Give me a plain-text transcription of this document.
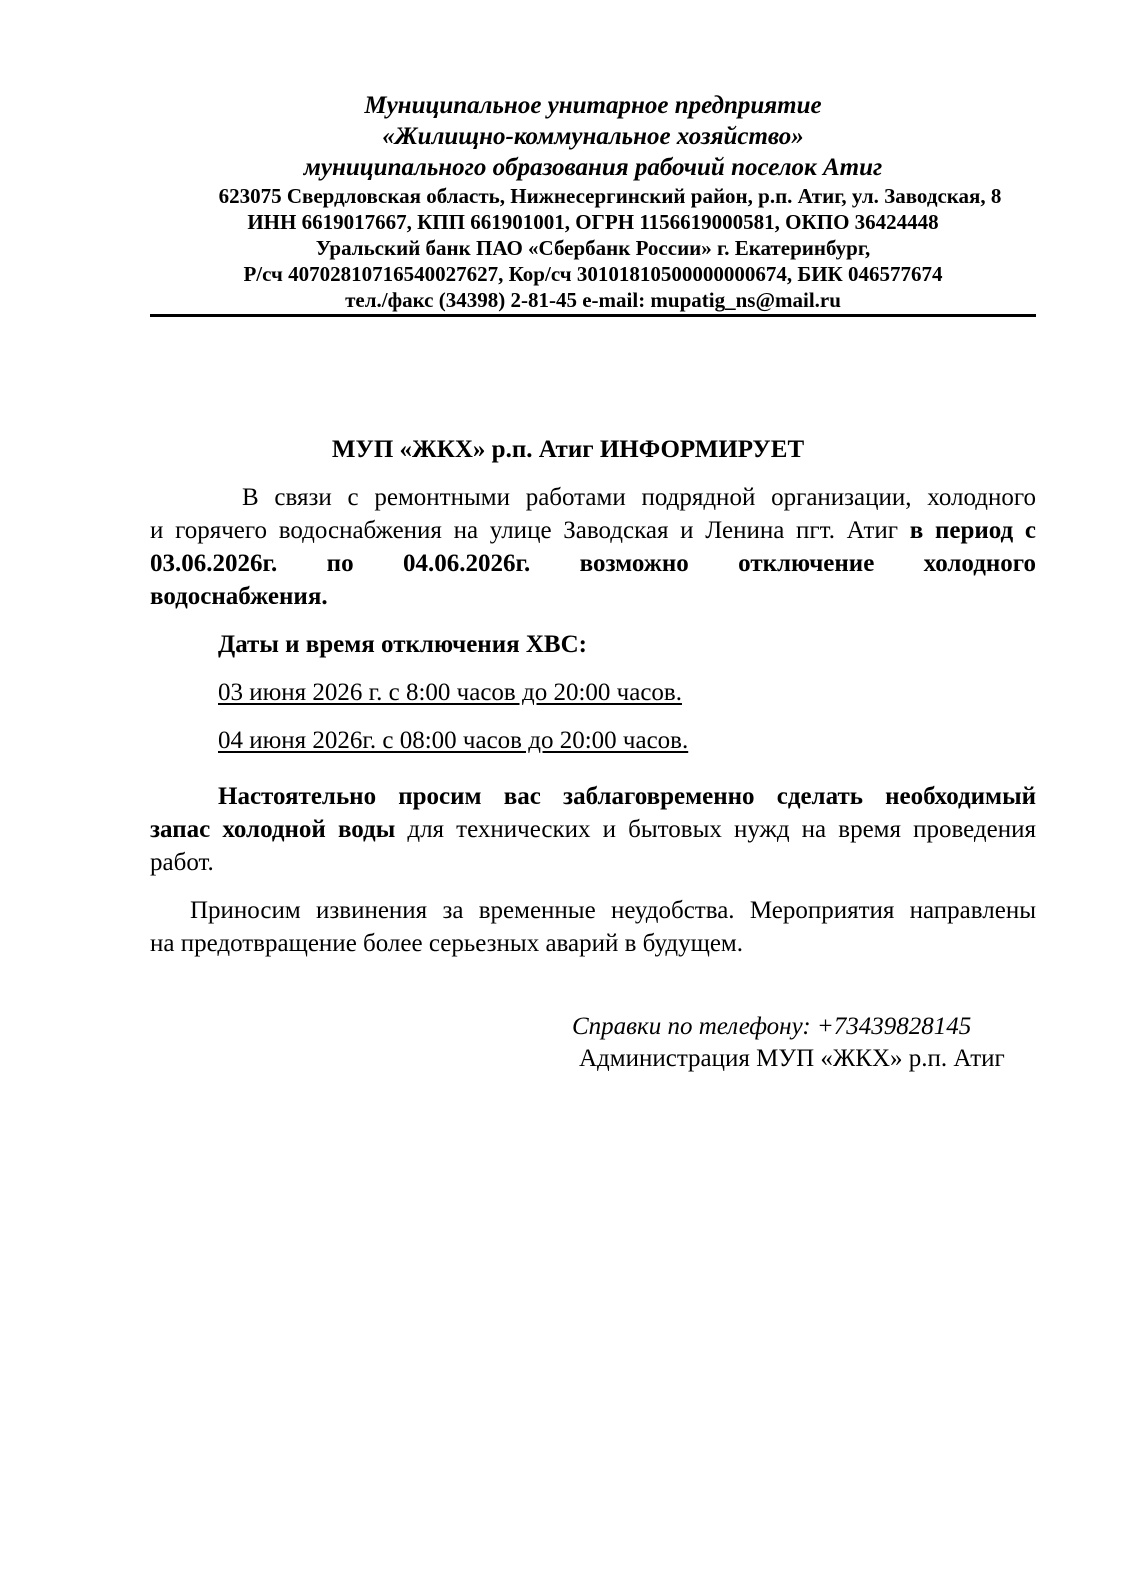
Муниципальное унитарное предприятие
«Жилищно-коммунальное хозяйство»
муниципального образования рабочий поселок Атиг
623075 Свердловская область, Нижнесергинский район, р.п. Атиг, ул. Заводская, 8
ИНН 6619017667, КПП 661901001, ОГРН 1156619000581, ОКПО 36424448
Уральский банк ПАО «Сбербанк России» г. Екатеринбург,
Р/сч 40702810716540027627, Кор/сч 30101810500000000674, БИК 046577674
тел./факс (34398) 2-81-45 e-mail: mupatig_ns@mail.ru
МУП «ЖКХ» р.п. Атиг ИНФОРМИРУЕТ
В связи с ремонтными работами подрядной организации, холодного
и горячего водоснабжения на улице Заводская и Ленина пгт. Атиг в период с
03.06.2026г. по 04.06.2026г. возможно отключение холодного
водоснабжения.
Даты и время отключения ХВС:
03 июня 2026 г. с 8:00 часов до 20:00 часов.
04 июня 2026г. с 08:00 часов до 20:00 часов.
Настоятельно просим вас заблаговременно сделать необходимый
запас холодной воды для технических и бытовых нужд на время проведения
работ.
Приносим извинения за временные неудобства. Мероприятия направлены
на предотвращение более серьезных аварий в будущем.
Справки по телефону: +73439828145
Администрация МУП «ЖКХ» р.п. Атиг
